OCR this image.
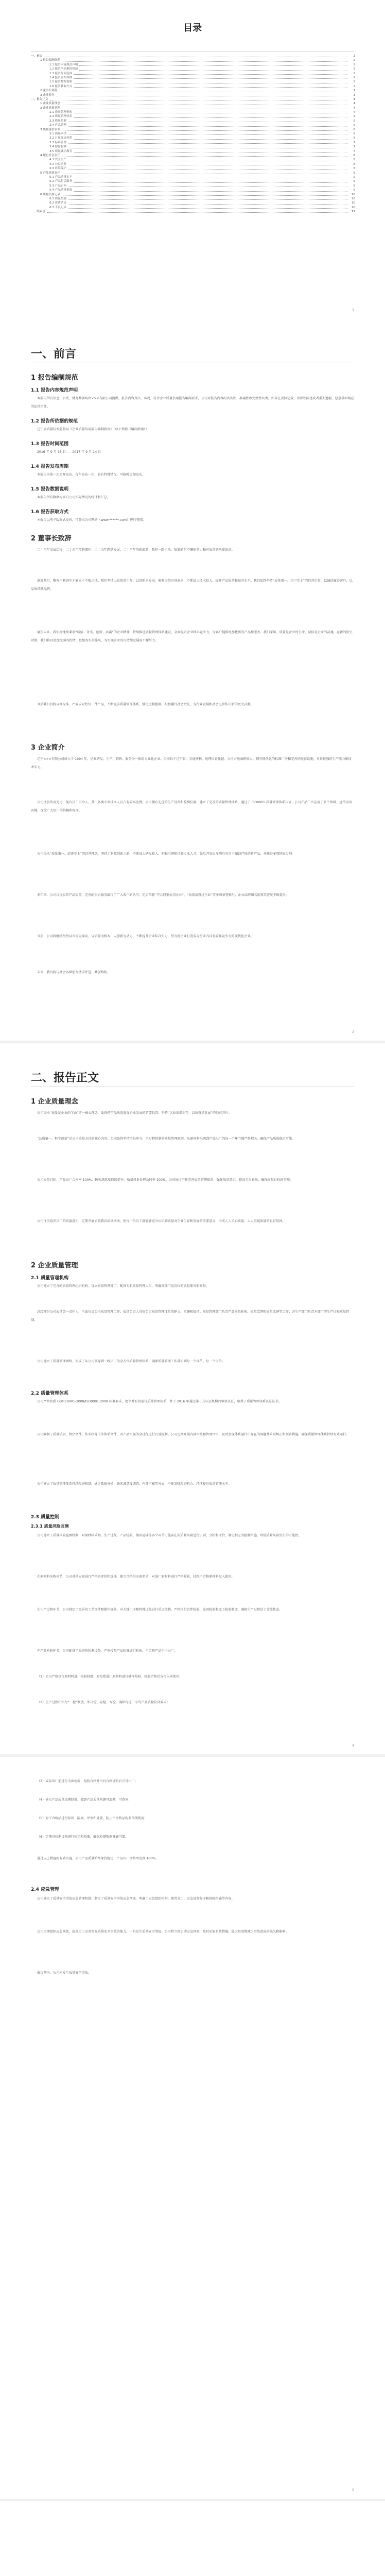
目录
一、前言	2
1 报告编制规范	2
1.1 报告内容规范声明	2
1.2 报告所依据的规范	2
1.3 报告时间范围	2
1.4 报告发布周期	2
1.5 报告数据说明	2
1.6 报告获取方式	2
2 董事长致辞	2
3 企业简介	3
二、报告正文	4
1 企业质量理念	4
2 企业质量管理	4
2.1 质量管理机构	4
2.2 质量管理体系	4
2.3 质量控制	5
2.4 应急管理	5
3 质量诚信管理	6
3.1 质量承诺	6
3.2 计量保证体系	6
3.3 标准管理	7
3.4 检验检测	7
3.5 质量诚信教育	7
4 履行社会责任	8
4.1 安全生产	8
4.2 公益事业	8
4.3 环境保护	8
5 产品质量责任	9
5.1 产品质量水平	9
5.2 产品售后服务	9
5.3 产品召回	9
5.4 产品质量事故	9
6 质量信用记录	10
6.1 质量奖励	10
6.2 资质认证	10
6.3 不良记录	10
三、结束语	11
1
一、前言
1 报告编制规范
1.1 报告内容规范声明
本报告所有信息、公式、财务数据均由×××有限公司提供，报告内容真实、客观，符合企业质量信用报告编制要求，公司对报告内容的真实性、准确性和完整性负责，如存在虚假记载、误导性陈述或者重大遗漏，愿意承担相应的法律责任。
1.2 报告所依据的规范
辽宁省质量技术监督局《企业质量信用报告编制指南》（以下简称《编制指南》）
1.3 报告时间范围
2016 年 9 月 15 日——2017 年 9 月 14 日
1.4 报告发布周期
本报告为第一次公开发布，每年发布一次，如有特殊情况，可临时追加发布。
1.5 报告数据说明
本报告所有数据均来自公司实际情况的统计和汇总。
1.6 报告获取方式
本报告以电子版形式发布，可登录公司网站（www.******.com）进行查阅。
2 董事长致辞
二十余年发展历程，二十余年精耕细作；二十余年跨越发展，二十余年创新超越，我们一路走来，依靠的是不懈的努力和对质量的执着追求。
逐浪前行，唯有不断进步才能立于不败之地。我们坚持以质量求生存、以创新求发展，紧紧围绕市场需求，不断加大技术投入，提升产品质量和服务水平。我们始终坚持“质量第一、用户至上”的经营宗旨，以诚信赢得客户，以品质铸就品牌。
展望未来，我们将继续秉承“诚信、务实、创新、共赢”的企业精神，持续推进质量管理体系建设，全面提升企业核心竞争力，为客户提供更加优质的产品和服务。我们深知，质量是企业的生命，诚信是企业的灵魂，在新的历史时期，我们将以更加饱满的热情、更加务实的作风，为实现企业的可持续发展而不懈努力。
今后我们仍将以高标准、严要求对待每一件产品，不断完善质量管理体系，强化过程控制，积极履行社会责任，为行业发展和社会进步作出新的更大贡献。
3 企业简介
辽宁×××有限公司成立于 1994 年，是集研发、生产、销售、服务为一体的专业化企业。公司位于辽宁省，交通便利，地理位置优越。公司占地面积较大，拥有现代化的标准厂房和完善的配套设施，具备较强的生产能力和技术实力。
公司注册资金充足，现有员工百余人，其中各类专业技术人员占有较高比例。公司拥有先进的生产设备和检测仪器，建立了完善的质量管理体系，通过了 ISO9001 质量管理体系认证。公司产品广泛应用于多个领域，远销全国各地，深受广大用户的信赖和好评。
公司秉承“质量第一、信誉至上”的经营理念，坚持走科技创新之路，不断加大研发投入，积极引进和培养专业人才，先后开发出多项具有自主知识产权的新产品，并获得多项国家专利。
多年来，公司以优良的产品质量、完善的售后服务赢得了广大客户的认可，先后荣获“守合同重信用企业”、“质量信得过企业”等多项荣誉称号，企业品牌知名度和美誉度不断提升。
今后，公司将继续坚持以市场为导向，以质量为根本，以创新为动力，不断提升企业综合实力，努力将企业打造成为行业内具有较强竞争力的现代化企业。
未来，我们将与社会各界朋友携手并进，共创辉煌。
2
二、报告正文
1 企业质量理念
公司秉承“质量是企业的生命”这一核心理念，始终把产品质量放在企业发展的首要位置，坚持“以质量求生存，以信誉求发展”的经营方针。
“品质第一、科学创新”是公司质量方针的核心内容。公司始终坚持全员参与、全过程控制的质量管理原则，从原材料采购到产品出厂的每一个环节都严格把关，确保产品质量稳定可靠。
公司质量目标：产品出厂合格率 100%，顾客满意度持续提升，质量投诉处理及时率 100%。公司通过不断完善质量管理体系，强化质量意识，提高全员素质，确保质量目标的实现。
公司注重培养员工的质量意识，定期开展质量教育培训活动，使每一位员工都能够充分认识到质量对企业生存和发展的重要意义，形成人人关心质量、人人重视质量的良好氛围。
2 企业质量管理
2.1 质量管理机构
公司建立了完善的质量管理组织机构，设立质量管理部门，配备专职质量管理人员，明确各部门及岗位的质量职责和权限。
总经理是公司质量第一责任人，全面负责公司质量管理工作；质量负责人具体负责质量管理体系的建立、实施和保持；质量管理部门负责产品质量检验、质量监督和质量改进等工作；各生产部门负责本部门的生产过程质量控制。
公司建立了质量管理网络，形成了从公司领导到一线员工的全方位质量管理体系，确保质量管理工作落实到每一个环节、每一个岗位。
2.2 质量管理体系
公司严格按照 GB/T19001-2008/ISO9001:2008 标准要求，建立并有效运行质量管理体系，并于 2016 年通过第三方认证机构的审核认证，取得了质量管理体系认证证书。
公司编制了质量手册、程序文件、作业指导书等体系文件，对产品实现的全过程进行有效控制。公司定期开展内部审核和管理评审，及时发现体系运行中存在的问题并采取纠正和预防措施，确保质量管理体系持续有效运行。
公司建立了质量管理体系持续改进机制，通过数据分析、顾客满意度调查、内部审核等方式，不断发现改进机会，持续提升质量管理水平。
2.3 质量控制
2.3.1 质量风险监测
公司建立了质量风险监测机制，对原材料采购、生产过程、产品检验、储存运输等各个环节可能存在的质量风险进行识别、分析和评价，制定相应的控制措施，降低质量风险发生的可能性。
在原材料采购环节，公司对供应商进行严格的评价和选择，建立合格供应商名录，对进厂原材料进行严格检验，杜绝不合格原材料投入使用。
在生产过程环节，公司制定了完善的工艺文件和操作规程，对关键工序和特殊过程进行重点控制，严格执行首件检验、巡回检验和完工检验制度，确保生产过程处于受控状态。
在产品检验环节，公司配备了先进的检测设备，严格按照产品标准进行检验，不合格产品不得出厂。
（1）公司严格执行原材料进厂检验制度，对每批进厂原材料进行抽样检验，检验合格后方可入库使用；
（2）生产过程中实行“三检”制度，即自检、互检、专检，确保每道工序的产品质量符合要求；
4
（3）成品出厂前进行全面检验，检验合格并出具合格证明后方可出厂；
（4）建立产品质量追溯制度，做到产品质量问题可追溯、可查询；
（5）对不合格品进行标识、隔离、评审和处置，防止不合格品的非预期使用；
（6）定期对检测设备进行检定和校准，确保检测数据准确可靠。
通过以上措施的有效实施，公司产品质量始终保持稳定，产品出厂合格率达到 100%。
2.4 应急管理
公司建立了质量安全事故应急管理机制，制定了质量安全事故应急预案，明确了应急组织机构、职责分工、应急处置程序和保障措施等内容。
公司定期组织应急演练，提高员工应对突发质量安全事故的能力。一旦发生质量安全事故，公司将立即启动应急预案，及时采取有效措施，最大限度地减少事故造成的损失和影响。
报告期内，公司未发生质量安全事故。
5
